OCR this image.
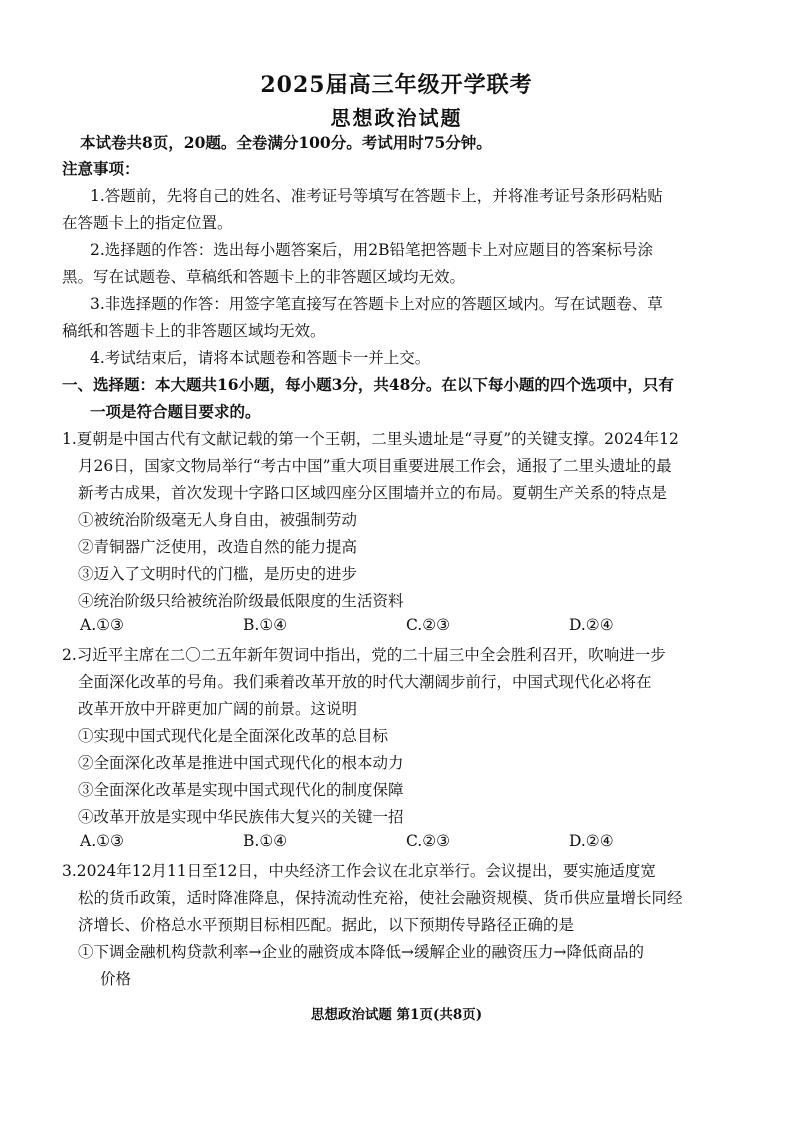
2025届高三年级开学联考
思想政治试题
本试卷共8页，20题。全卷满分100分。考试用时75分钟。
注意事项：
1.答题前，先将自己的姓名、准考证号等填写在答题卡上，并将准考证号条形码粘贴
在答题卡上的指定位置。
2.选择题的作答：选出每小题答案后，用2B铅笔把答题卡上对应题目的答案标号涂
黑。写在试题卷、草稿纸和答题卡上的非答题区域均无效。
3.非选择题的作答：用签字笔直接写在答题卡上对应的答题区域内。写在试题卷、草
稿纸和答题卡上的非答题区域均无效。
4.考试结束后，请将本试题卷和答题卡一并上交。
一、选择题：本大题共16小题，每小题3分，共48分。在以下每小题的四个选项中，只有
一项是符合题目要求的。
1.夏朝是中国古代有文献记载的第一个王朝，二里头遗址是“寻夏”的关键支撑。2024年12
月26日，国家文物局举行“考古中国”重大项目重要进展工作会，通报了二里头遗址的最
新考古成果，首次发现十字路口区域四座分区围墙并立的布局。夏朝生产关系的特点是
①被统治阶级毫无人身自由，被强制劳动
②青铜器广泛使用，改造自然的能力提高
③迈入了文明时代的门槛，是历史的进步
④统治阶级只给被统治阶级最低限度的生活资料
A.①③	B.①④	C.②③	D.②④
2.习近平主席在二〇二五年新年贺词中指出，党的二十届三中全会胜利召开，吹响进一步
全面深化改革的号角。我们乘着改革开放的时代大潮阔步前行，中国式现代化必将在
改革开放中开辟更加广阔的前景。这说明
①实现中国式现代化是全面深化改革的总目标
②全面深化改革是推进中国式现代化的根本动力
③全面深化改革是实现中国式现代化的制度保障
④改革开放是实现中华民族伟大复兴的关键一招
A.①③	B.①④	C.②③	D.②④
3.2024年12月11日至12日，中央经济工作会议在北京举行。会议提出，要实施适度宽
松的货币政策，适时降准降息，保持流动性充裕，使社会融资规模、货币供应量增长同经
济增长、价格总水平预期目标相匹配。据此，以下预期传导路径正确的是
①下调金融机构贷款利率→企业的融资成本降低→缓解企业的融资压力→降低商品的
价格
思想政治试题 第1页(共8页)
